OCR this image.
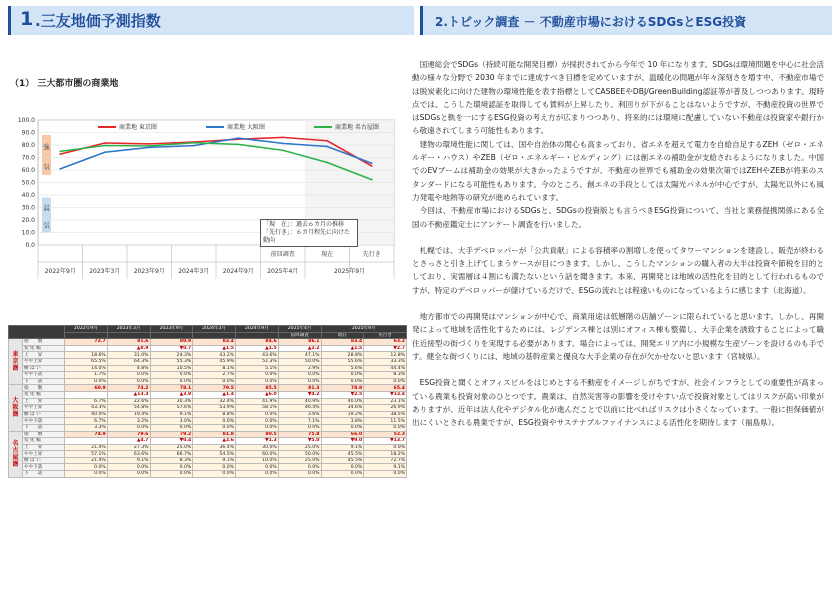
1 .三友地価予測指数	2.トピック調査 － 不動産市場におけるSDGsとESG投資
（1） 三大都市圏の商業地
強
気
弱
気
100.0
90.0
80.0
70.0
60.0
50.0
40.0
30.0
20.0
10.0
0.0
前回調査	現在	先行き
2022年9月 2023年3月 2023年9月 2024年3月 2024年9月 2025年4月	2025年9月
商業地 東京圏	商業地 大阪圏	商業地 名古屋圏
「現　在」：過去６カ月の推移
「先行き」：６カ月程先に向けた動向
		2022年9月	2023年3月	2023年9月	2024年3月	2024年9月	2025年4月	2025年9月	
							前回調査	現在	先行き
東京圏	指　　数	72.7	81.6	80.9	82.4	84.6	86.1	83.4	63.2
	変 化 幅		▲8.9	▼0.7	▲1.5	▲1.5	▲2.2	▲1.5	▼2.7
	上　　昇	18.6%	31.0%	24.3%	43.2%	43.6%	47.1%	28.8%	12.8%
	やや上昇	65.5%	64.3%	55.3%	45.9%	51.3%	50.0%	55.6%	33.3%
	横 ば い	14.0%	4.8%	10.5%	8.1%	5.1%	2.9%	5.6%	44.4%
	やや下落	1.7%	0.0%	0.0%	2.7%	0.0%	0.0%	0.0%	8.3%
	下　　落	0.0%	0.0%	0.0%	0.0%	0.0%	0.0%	0.0%	0.0%
大阪圏	指　　数	60.9	74.2	78.1	79.5	85.5	81.3	78.8	65.4
	変 化 幅		▲13.3	▲3.9	▲1.4	▲6.0	▼4.2	▼2.5	▼13.4
	上　　昇	6.7%	22.6%	30.3%	32.4%	41.9%	40.9%	40.0%	23.1%
	やや上昇	43.3%	54.8%	57.6%	53.9%	58.1%	46.4%	34.6%	26.9%
	横 ば い	40.0%	19.4%	9.1%	8.8%	0.0%	3.6%	19.2%	38.5%
	やや下落	6.7%	3.2%	3.0%	0.0%	0.0%	7.1%	3.8%	11.5%
	下　　落	3.3%	0.0%	0.0%	0.0%	0.0%	0.0%	0.0%	0.0%
名古屋圏	指　　数	74.9	79.6	79.2	81.8	80.5	75.8	66.0	52.3
	変 化 幅		▲4.7	▼0.4	▲2.6	▼1.3	▼5.0	▼9.0	▼13.7
	上　　昇	21.4%	27.3%	25.0%	36.4%	30.0%	25.0%	9.1%	0.0%
	やや上昇	57.1%	63.6%	66.7%	54.5%	60.0%	50.0%	45.5%	18.2%
	横 ば い	21.4%	9.1%	8.3%	9.1%	10.0%	25.0%	45.5%	72.7%
	やや下落	0.0%	0.0%	0.0%	0.0%	0.0%	0.0%	0.0%	9.1%
	下　　落	0.0%	0.0%	0.0%	0.0%	0.0%	0.0%	0.0%	0.0%

国連総会でSDGs（持続可能な開発目標）が採択されてから今年で 10 年になります。SDGsは環境問題を中心に社会活動の様々な分野で 2030 年までに達成すべき目標を定めていますが、温暖化の問題が年々深刻さを増す中、不動産市場では脱炭素化に向けた建物の環境性能を表す指標としてCASBEEやDBJ/GreenBuilding認証等が普及しつつあります。現時点では、こうした環境認証を取得しても賃料が上昇したり、利回りが下がることはないようですが、不動産投資の世界ではSDGsと軌を一にするESG投資の考え方が広まりつつあり、将来的には環境に配慮していない不動産は投資家や銀行から敬遠されてしまう可能性もあります。

建物の環境性能に関しては、国や自治体の関心も高まっており、省エネを超えて電力を自給自足するZEH（ゼロ・エネルギー・ハウス）やZEB（ゼロ・エネルギー・ビルディング）には創エネの補助金が支給されるようになりました。中国でのEVブームは補助金の効果が大きかったようですが、不動産の世界でも補助金の効果次第ではZEHやZEBが将来のスタンダードになる可能性もあります。今のところ、創エネの手段としては太陽光パネルが中心ですが、太陽光以外にも風力発電や地熱等の研究が進められています。

今回は、不動産市場におけるSDGsと、SDGsの投資版とも言うべきESG投資について、当社と業務提携関係にある全国の不動産鑑定士にアンケート調査を行いました。

札幌では、大手デベロッパーが「公共貢献」による容積率の割増しを使ってタワーマンションを建設し、販売が終わるとさっさと引き上げてしまうケースが目につきます。しかし、こうしたマンションの購入者の大半は投資や節税を目的としており、実需層は４割にも満たないという話を聞きます。本来、再開発とは地域の活性化を目的として行われるものですが、特定のデベロッパーが儲けているだけで、ESGの流れとは程遠いものになっているように感じます（北海道）。

地方都市での再開発はマンションが中心で、商業用途は低層階の店舗ゾーンに限られていると思います。しかし、再開発によって地域を活性化するためには、レジデンス棟とは別にオフィス棟も整備し、大手企業を誘致することによって職住近接型の街づくりを実現する必要があります。場合によっては、開発エリア内に小規模な生産ゾーンを設けるのも手です。健全な街づくりには、地域の基幹産業と優良な大手企業の存在が欠かせないと思います（宮城県）。

ESG投資と聞くとオフィスビルをはじめとする不動産をイメージしがちですが、社会インフラとしての重要性が高まっている農業も投資対象のひとつです。農業は、自然災害等の影響を受けやすい点で投資対象としてはリスクが高い印象がありますが、近年は法人化やデジタル化が進んだことで以前に比べればリスクは小さくなっています。一般に担保価値が出にくいとされる農業ですが、ESG投資やサステナブルファイナンスによる活性化を期待します（福島県）。
